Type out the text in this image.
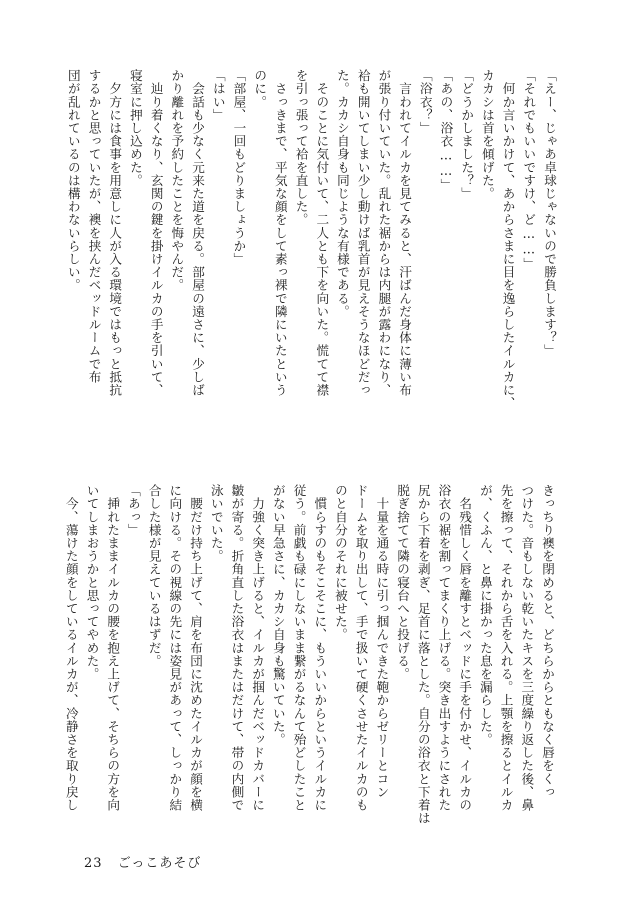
「えー、じゃあ卓球じゃないので勝負します？」
「それでもいいですけ、ど……」
　何か言いかけて、あからさまに目を逸らしたイルカに、
カカシは首を傾げた。
「どうかしました？」
「あの、浴衣……」
「浴衣？」
　言われてイルカを見てみると、汗ばんだ身体に薄い布
が張り付いていた。乱れた裾からは内腿が露わになり、
袷も開いてしまい少し動けば乳首が見えそうなほどだっ
た。カカシ自身も同じような有様である。
　そのことに気付いて、二人とも下を向いた。慌てて襟
を引っ張って袷を直した。
　さっきまで、平気な顔をして素っ裸で隣にいたという
のに。
「部屋、一回もどりましょうか」
「はい」
　会話も少なく元来た道を戻る。部屋の遠さに、少しば
かり離れを予約したことを悔やんだ。
　辿り着くなり、玄関の鍵を掛けイルカの手を引いて、
寝室に押し込めた。
　夕方には食事を用意しに人が入る環境ではもっと抵抗
するかと思っていたが、襖を挟んだベッドルームで布
団が乱れているのは構わないらしい。
きっちり襖を閉めると、どちらからともなく唇をくっ
つけた。音もしない乾いたキスを三度繰り返した後、鼻
先を擦って、それから舌を入れる。上顎を擦るとイルカ
が、くふん、と鼻に掛かった息を漏らした。
　名残惜しく唇を離すとベッドに手を付かせ、イルカの
浴衣の裾を割ってまくり上げる。突き出すようにされた
尻から下着を剥ぎ、足首に落とした。自分の浴衣と下着は
脱ぎ捨てて隣の寝台へと投げる。
　十量を通る時に引っ掴んできた鞄からゼリーとコン
ドームを取り出して、手で扱いて硬くさせたイルカのも
のと自分のそれに被せた。
　慣らすのもそこそこに、もういいからというイルカに
従う。前戯も碌にしないまま繋がるなんて殆どしたこと
がない早急さに、カカシ自身も驚いていた。
　力強く突き上げると、イルカが掴んだベッドカバーに
皺が寄る。折角直した浴衣はまたはだけて、帯の内側で
泳いでいた。
　腰だけ持ち上げて、肩を布団に沈めたイルカが顔を横
に向ける。その視線の先には姿見があって、しっかり結
合した様が見えているはずだ。
「あっ」
　挿れたままイルカの腰を抱え上げて、そちらの方を向
いてしまおうかと思ってやめた。
　今、蕩けた顔をしているイルカが、冷静さを取り戻し
23 ごっこあそび
